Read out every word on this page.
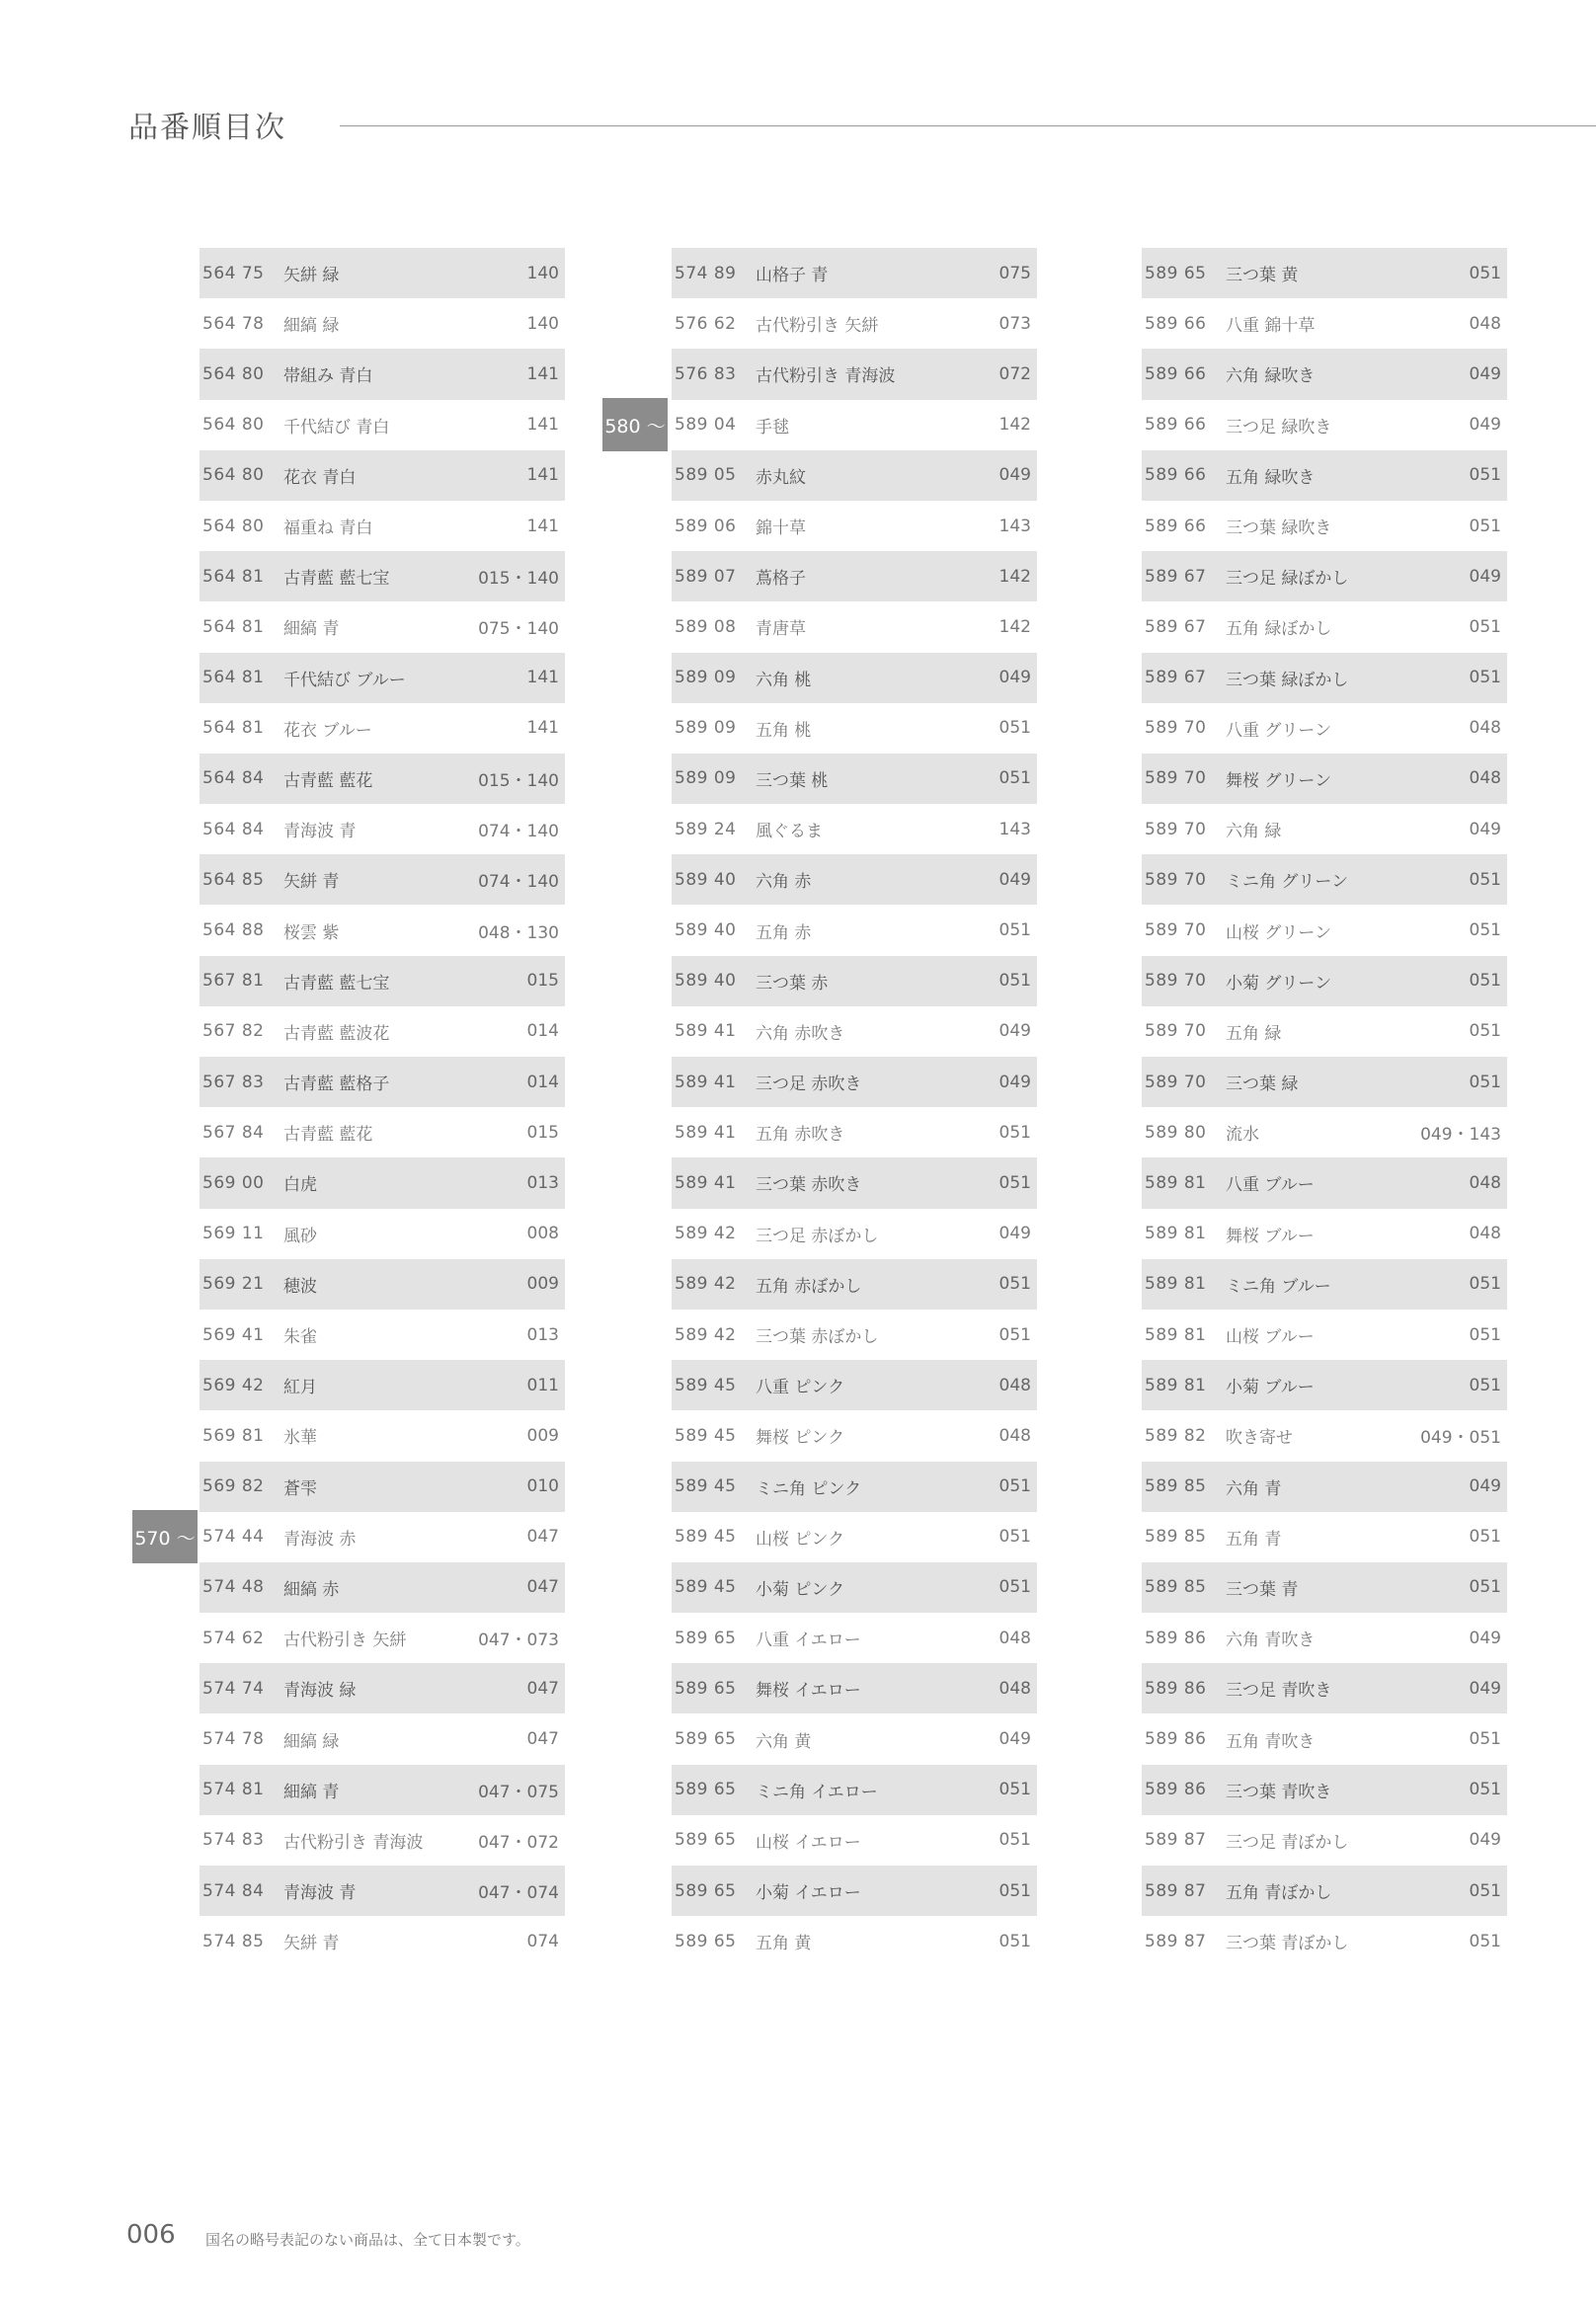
品番順目次
570 ～
580 ～
564 75	矢絣 緑	140
564 78	細縞 緑	140
564 80	帯組み 青白	141
564 80	千代結び 青白	141
564 80	花衣 青白	141
564 80	福重ね 青白	141
564 81	古青藍 藍七宝	015・140
564 81	細縞 青	075・140
564 81	千代結び ブルー	141
564 81	花衣 ブルー	141
564 84	古青藍 藍花	015・140
564 84	青海波 青	074・140
564 85	矢絣 青	074・140
564 88	桜雲 紫	048・130
567 81	古青藍 藍七宝	015
567 82	古青藍 藍波花	014
567 83	古青藍 藍格子	014
567 84	古青藍 藍花	015
569 00	白虎	013
569 11	風砂	008
569 21	穂波	009
569 41	朱雀	013
569 42	紅月	011
569 81	氷華	009
569 82	蒼雫	010
574 44	青海波 赤	047
574 48	細縞 赤	047
574 62	古代粉引き 矢絣	047・073
574 74	青海波 緑	047
574 78	細縞 緑	047
574 81	細縞 青	047・075
574 83	古代粉引き 青海波	047・072
574 84	青海波 青	047・074
574 85	矢絣 青	074
574 89	山格子 青	075
576 62	古代粉引き 矢絣	073
576 83	古代粉引き 青海波	072
589 04	手毬	142
589 05	赤丸紋	049
589 06	錦十草	143
589 07	蔦格子	142
589 08	青唐草	142
589 09	六角 桃	049
589 09	五角 桃	051
589 09	三つ葉 桃	051
589 24	風ぐるま	143
589 40	六角 赤	049
589 40	五角 赤	051
589 40	三つ葉 赤	051
589 41	六角 赤吹き	049
589 41	三つ足 赤吹き	049
589 41	五角 赤吹き	051
589 41	三つ葉 赤吹き	051
589 42	三つ足 赤ぼかし	049
589 42	五角 赤ぼかし	051
589 42	三つ葉 赤ぼかし	051
589 45	八重 ピンク	048
589 45	舞桜 ピンク	048
589 45	ミニ角 ピンク	051
589 45	山桜 ピンク	051
589 45	小菊 ピンク	051
589 65	八重 イエロー	048
589 65	舞桜 イエロー	048
589 65	六角 黄	049
589 65	ミニ角 イエロー	051
589 65	山桜 イエロー	051
589 65	小菊 イエロー	051
589 65	五角 黄	051
589 65	三つ葉 黄	051
589 66	八重 錦十草	048
589 66	六角 緑吹き	049
589 66	三つ足 緑吹き	049
589 66	五角 緑吹き	051
589 66	三つ葉 緑吹き	051
589 67	三つ足 緑ぼかし	049
589 67	五角 緑ぼかし	051
589 67	三つ葉 緑ぼかし	051
589 70	八重 グリーン	048
589 70	舞桜 グリーン	048
589 70	六角 緑	049
589 70	ミニ角 グリーン	051
589 70	山桜 グリーン	051
589 70	小菊 グリーン	051
589 70	五角 緑	051
589 70	三つ葉 緑	051
589 80	流水	049・143
589 81	八重 ブルー	048
589 81	舞桜 ブルー	048
589 81	ミニ角 ブルー	051
589 81	山桜 ブルー	051
589 81	小菊 ブルー	051
589 82	吹き寄せ	049・051
589 85	六角 青	049
589 85	五角 青	051
589 85	三つ葉 青	051
589 86	六角 青吹き	049
589 86	三つ足 青吹き	049
589 86	五角 青吹き	051
589 86	三つ葉 青吹き	051
589 87	三つ足 青ぼかし	049
589 87	五角 青ぼかし	051
589 87	三つ葉 青ぼかし	051
006 国名の略号表記のない商品は、全て日本製です。
